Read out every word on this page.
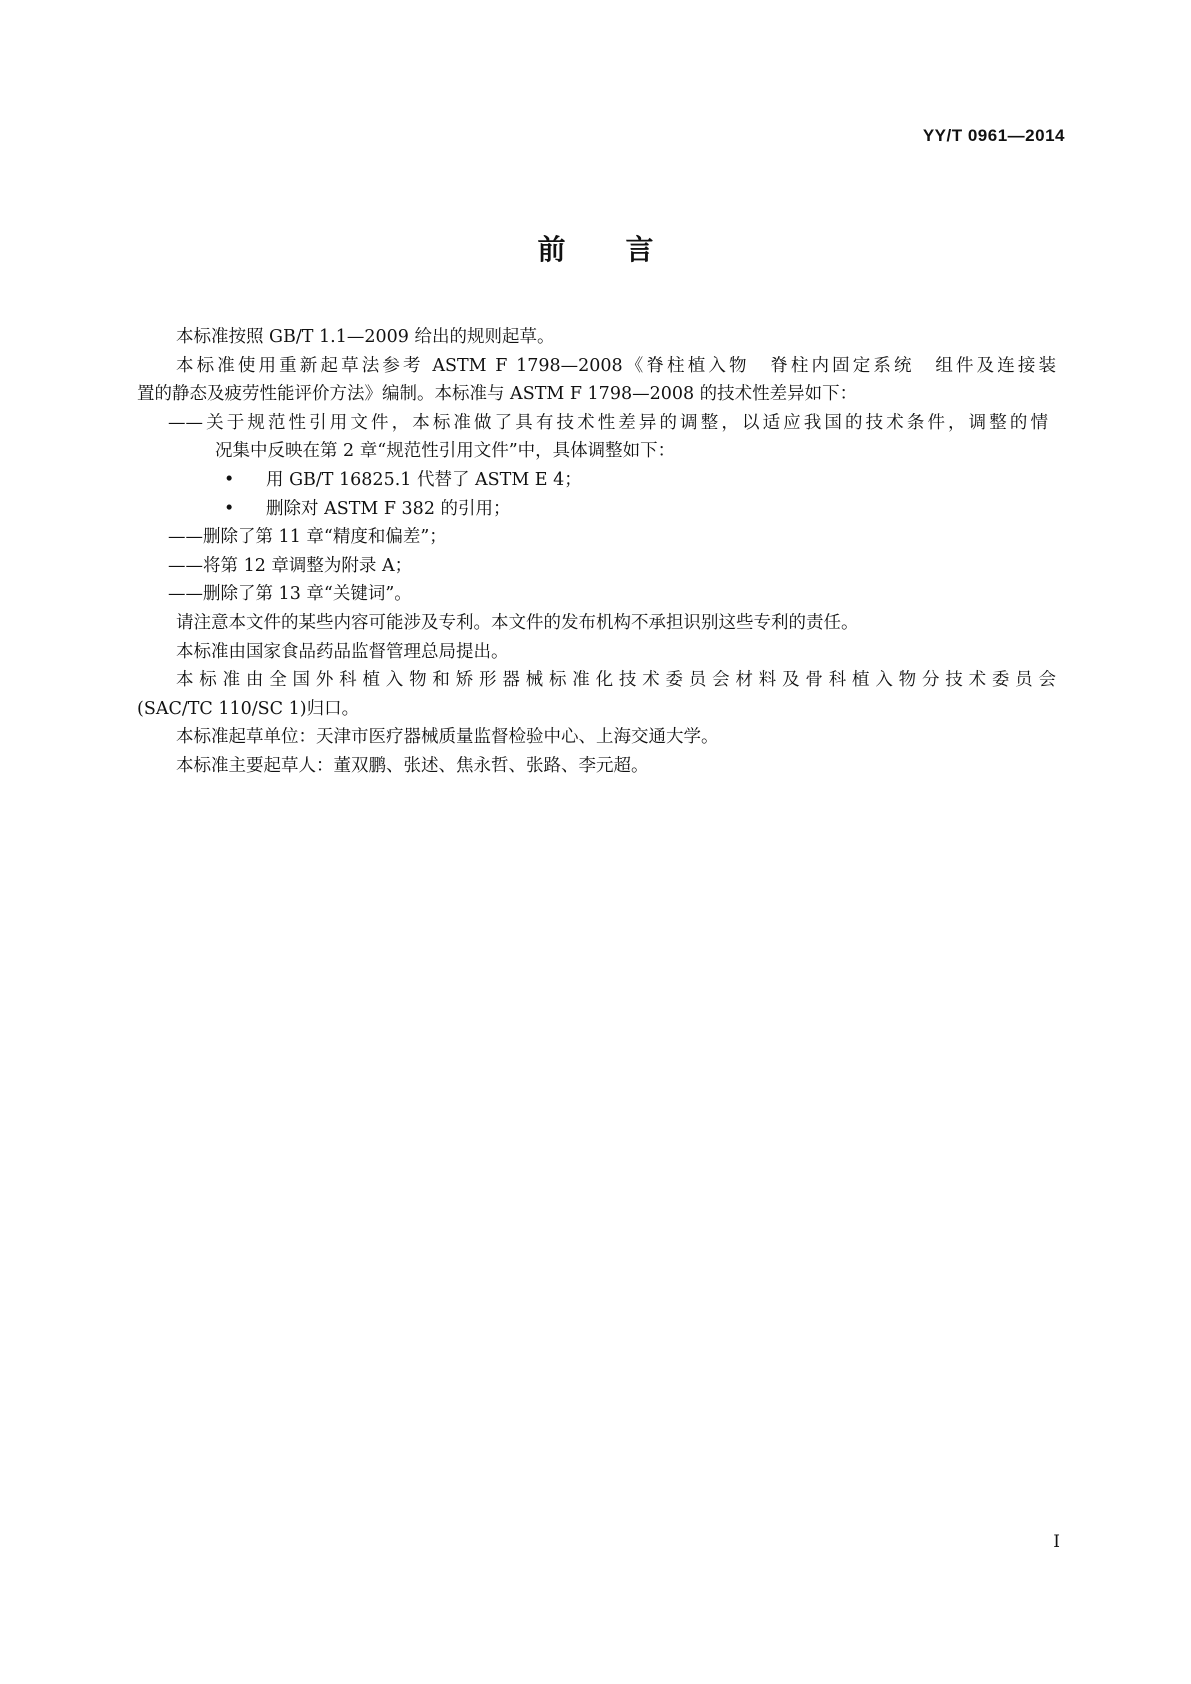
YY/T 0961—2014
前言
本标准按照 GB/T 1.1—2009 给出的规则起草。
本标准使用重新起草法参考 ASTM F 1798—2008《脊柱植入物　脊柱内固定系统　组件及连接装
置的静态及疲劳性能评价方法》编制。本标准与 ASTM F 1798—2008 的技术性差异如下：
——关于规范性引用文件，本标准做了具有技术性差异的调整，以适应我国的技术条件，调整的情
况集中反映在第 2 章“规范性引用文件”中，具体调整如下：
• 用 GB/T 16825.1 代替了 ASTM E 4；
• 删除对 ASTM F 382 的引用；
——删除了第 11 章“精度和偏差”；
——将第 12 章调整为附录 A；
——删除了第 13 章“关键词”。
请注意本文件的某些内容可能涉及专利。本文件的发布机构不承担识别这些专利的责任。
本标准由国家食品药品监督管理总局提出。
本标准由全国外科植入物和矫形器械标准化技术委员会材料及骨科植入物分技术委员会
(SAC/TC 110/SC 1)归口。
本标准起草单位：天津市医疗器械质量监督检验中心、上海交通大学。
本标准主要起草人：董双鹏、张述、焦永哲、张路、李元超。
I
